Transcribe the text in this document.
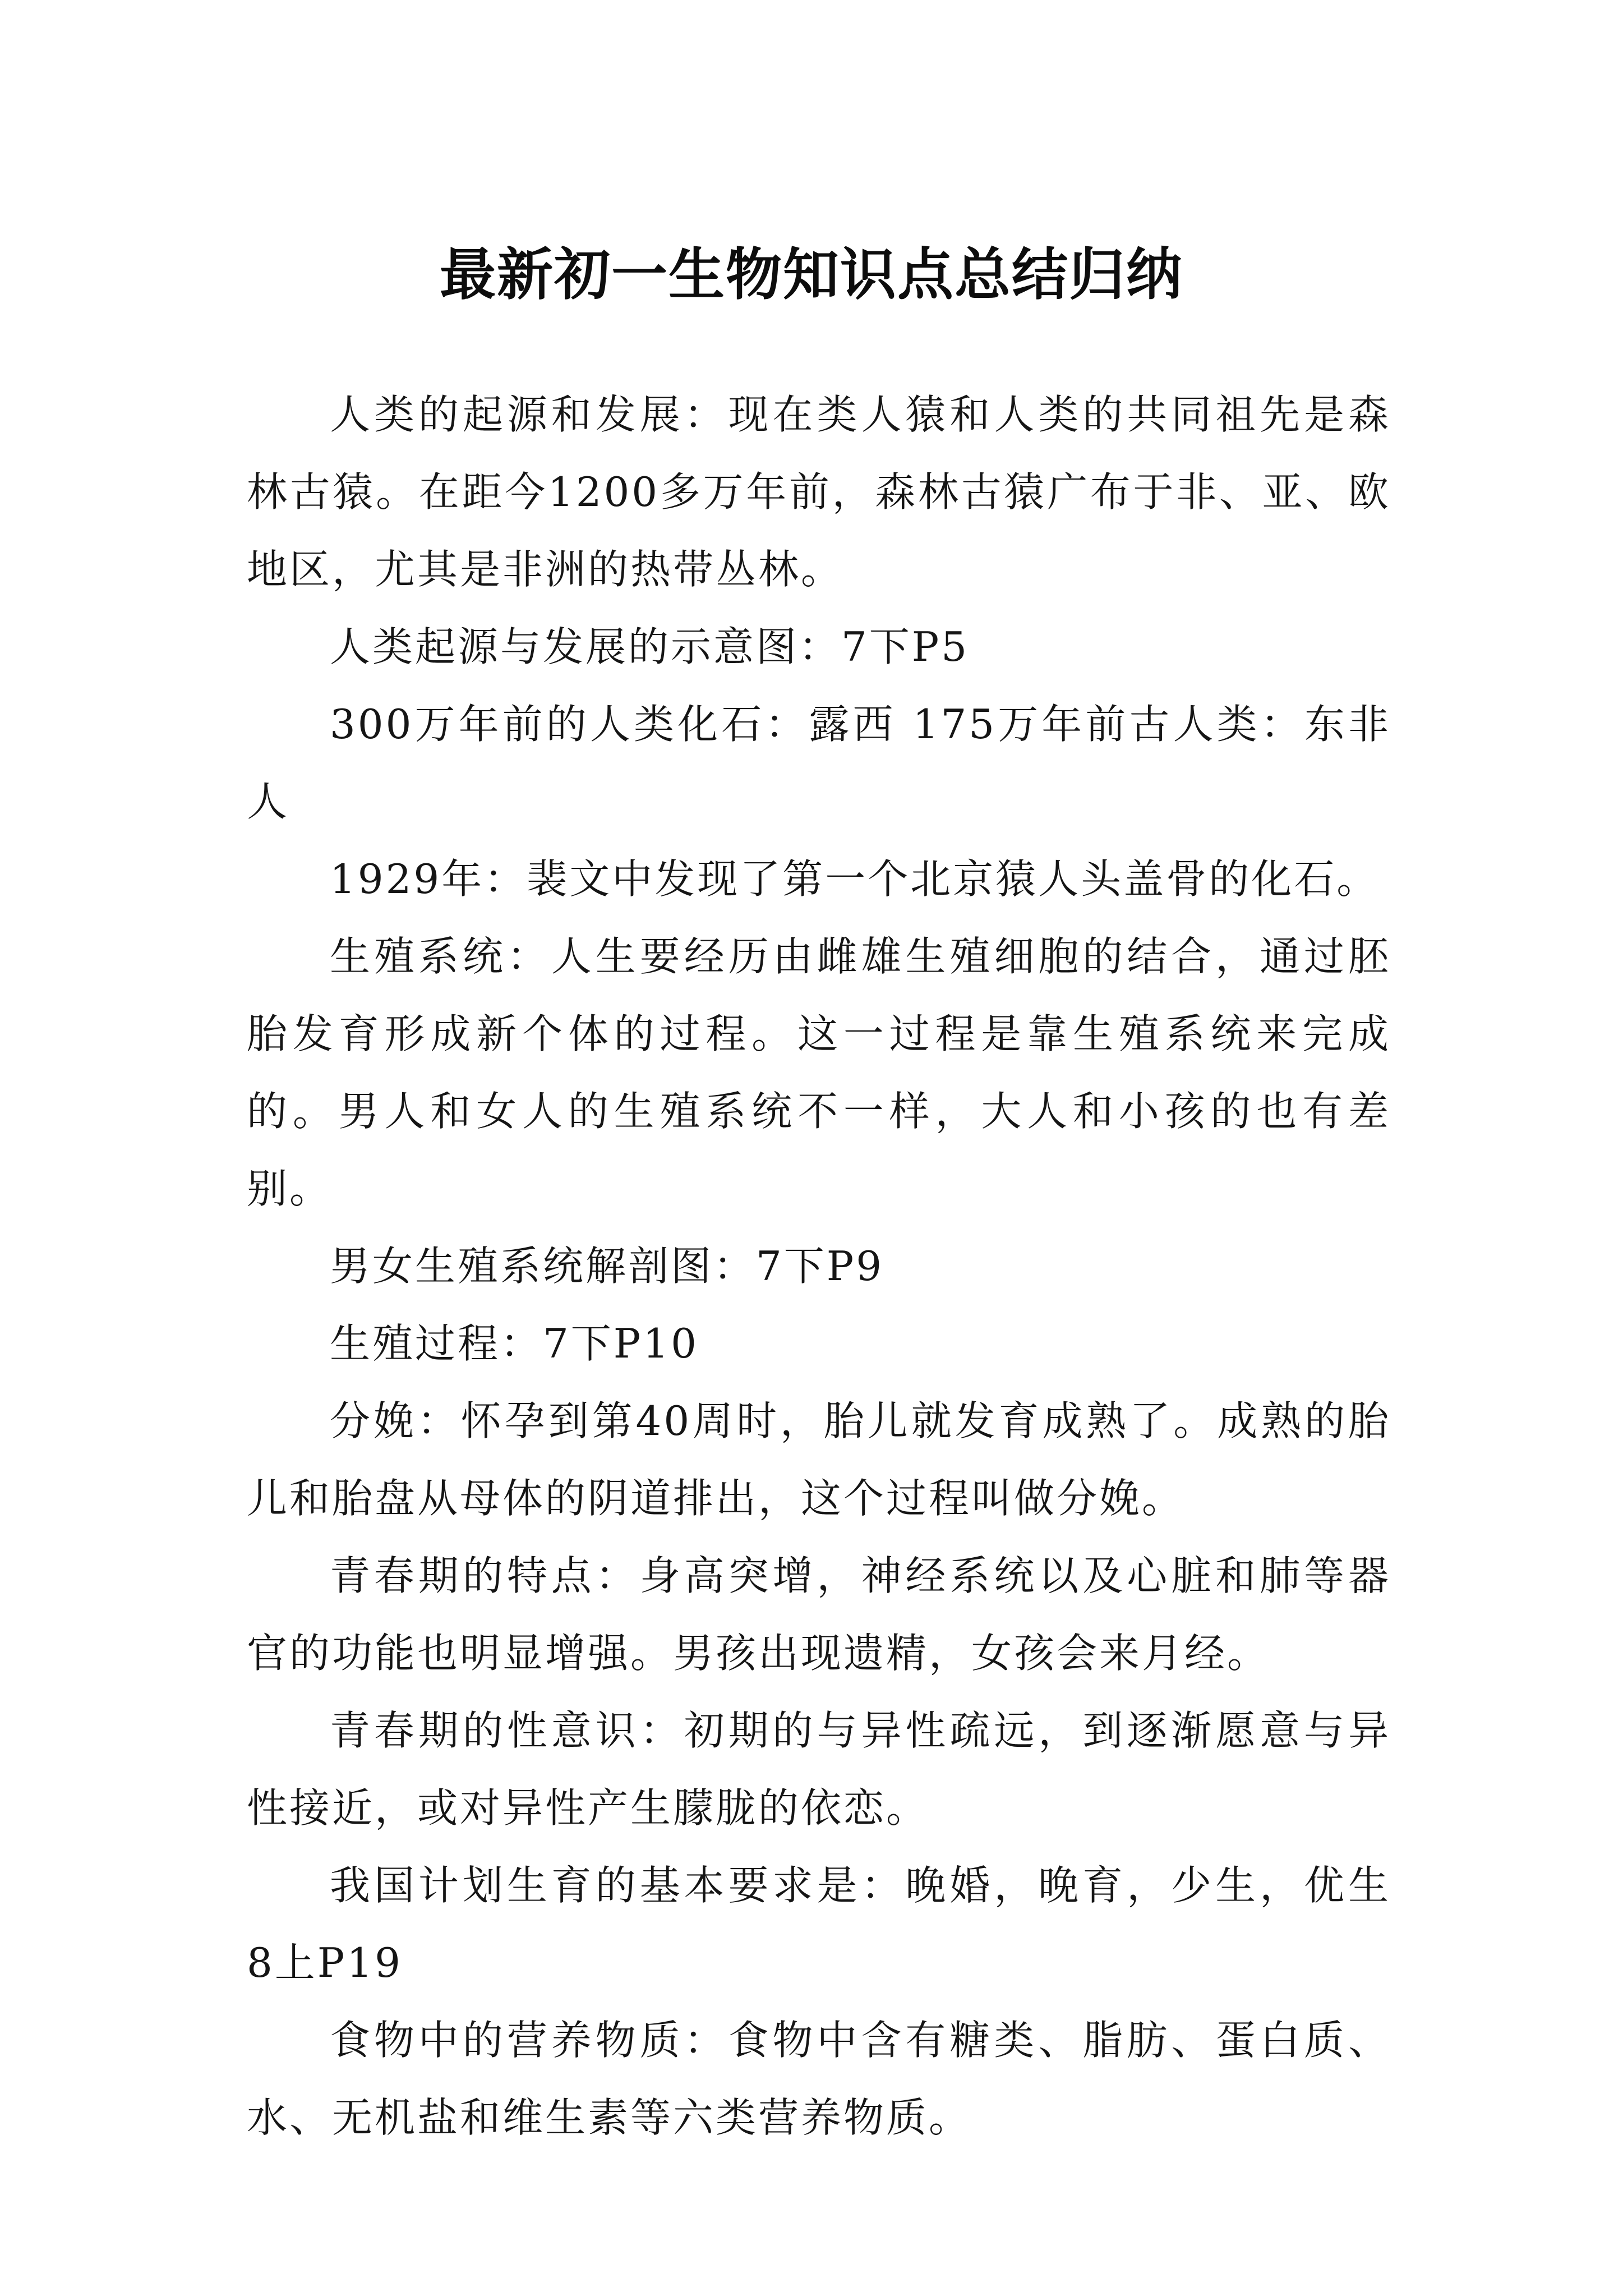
最新初一生物知识点总结归纳

人类的起源和发展：现在类人猿和人类的共同祖先是森林古猿。在距今1200多万年前，森林古猿广布于非、亚、欧地区，尤其是非洲的热带丛林。

人类起源与发展的示意图：7下P5

300万年前的人类化石：露西 175万年前古人类：东非人

1929年：裴文中发现了第一个北京猿人头盖骨的化石。

生殖系统：人生要经历由雌雄生殖细胞的结合，通过胚胎发育形成新个体的过程。这一过程是靠生殖系统来完成的。男人和女人的生殖系统不一样，大人和小孩的也有差别。

男女生殖系统解剖图：7下P9

生殖过程：7下P10

分娩：怀孕到第40周时，胎儿就发育成熟了。成熟的胎儿和胎盘从母体的阴道排出，这个过程叫做分娩。

青春期的特点：身高突增，神经系统以及心脏和肺等器官的功能也明显增强。男孩出现遗精，女孩会来月经。

青春期的性意识：初期的与异性疏远，到逐渐愿意与异性接近，或对异性产生朦胧的依恋。

我国计划生育的基本要求是：晚婚，晚育，少生，优生 8上P19

食物中的营养物质：食物中含有糖类、脂肪、蛋白质、水、无机盐和维生素等六类营养物质。
